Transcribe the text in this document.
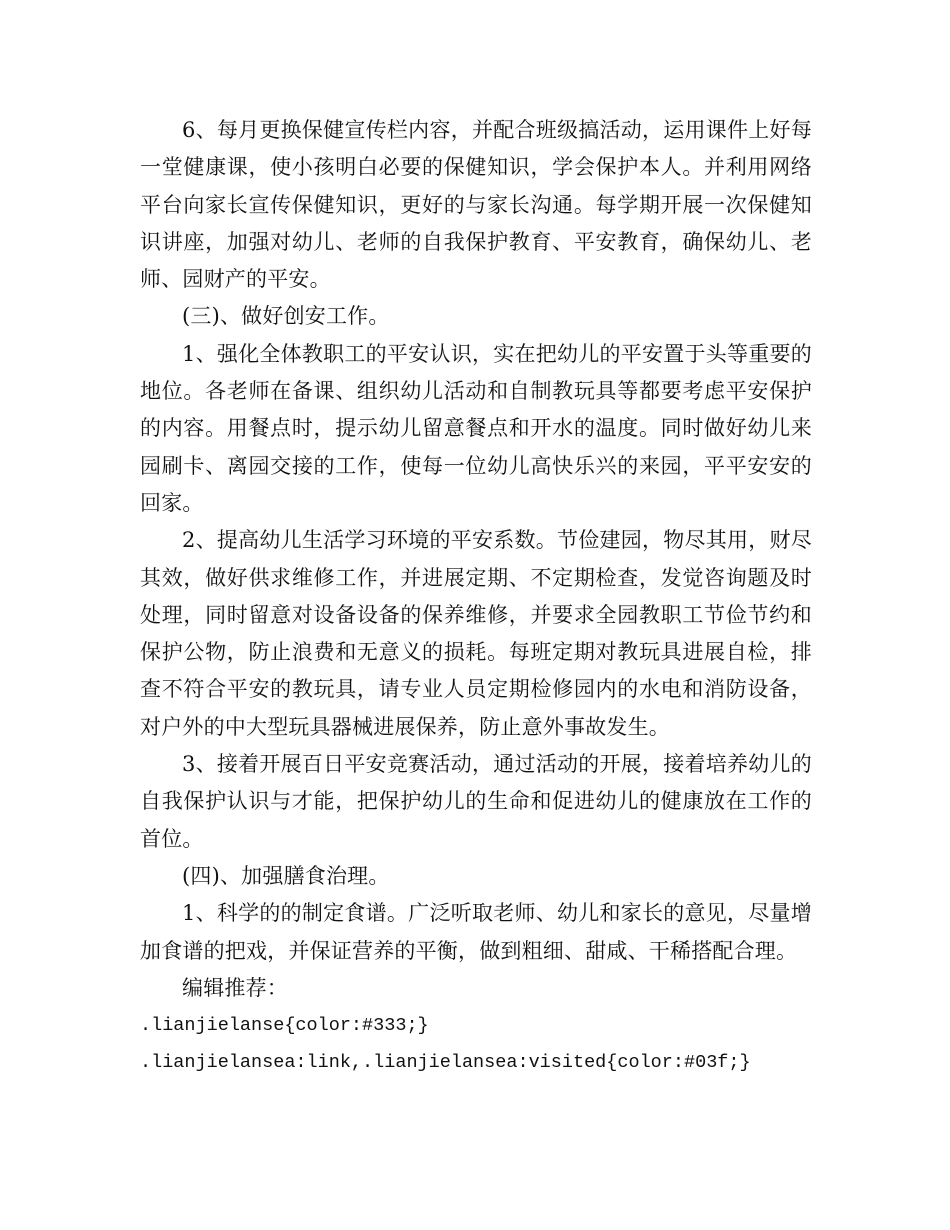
6、每月更换保健宣传栏内容，并配合班级搞活动，运用课件上好每一堂健康课，使小孩明白必要的保健知识，学会保护本人。并利用网络平台向家长宣传保健知识，更好的与家长沟通。每学期开展一次保健知识讲座，加强对幼儿、老师的自我保护教育、平安教育，确保幼儿、老师、园财产的平安。

(三)、做好创安工作。

1、强化全体教职工的平安认识，实在把幼儿的平安置于头等重要的地位。各老师在备课、组织幼儿活动和自制教玩具等都要考虑平安保护的内容。用餐点时，提示幼儿留意餐点和开水的温度。同时做好幼儿来园刷卡、离园交接的工作，使每一位幼儿高快乐兴的来园，平平安安的回家。

2、提高幼儿生活学习环境的平安系数。节俭建园，物尽其用，财尽其效，做好供求维修工作，并进展定期、不定期检查，发觉咨询题及时处理，同时留意对设备设备的保养维修，并要求全园教职工节俭节约和保护公物，防止浪费和无意义的损耗。每班定期对教玩具进展自检，排查不符合平安的教玩具，请专业人员定期检修园内的水电和消防设备，对户外的中大型玩具器械进展保养，防止意外事故发生。

3、接着开展百日平安竞赛活动，通过活动的开展，接着培养幼儿的自我保护认识与才能，把保护幼儿的生命和促进幼儿的健康放在工作的首位。

(四)、加强膳食治理。

1、科学的的制定食谱。广泛听取老师、幼儿和家长的意见，尽量增加食谱的把戏，并保证营养的平衡，做到粗细、甜咸、干稀搭配合理。

编辑推荐：

.lianjielanse{color:#333;}

.lianjielansea:link,.lianjielansea:visited{color:#03f;}
